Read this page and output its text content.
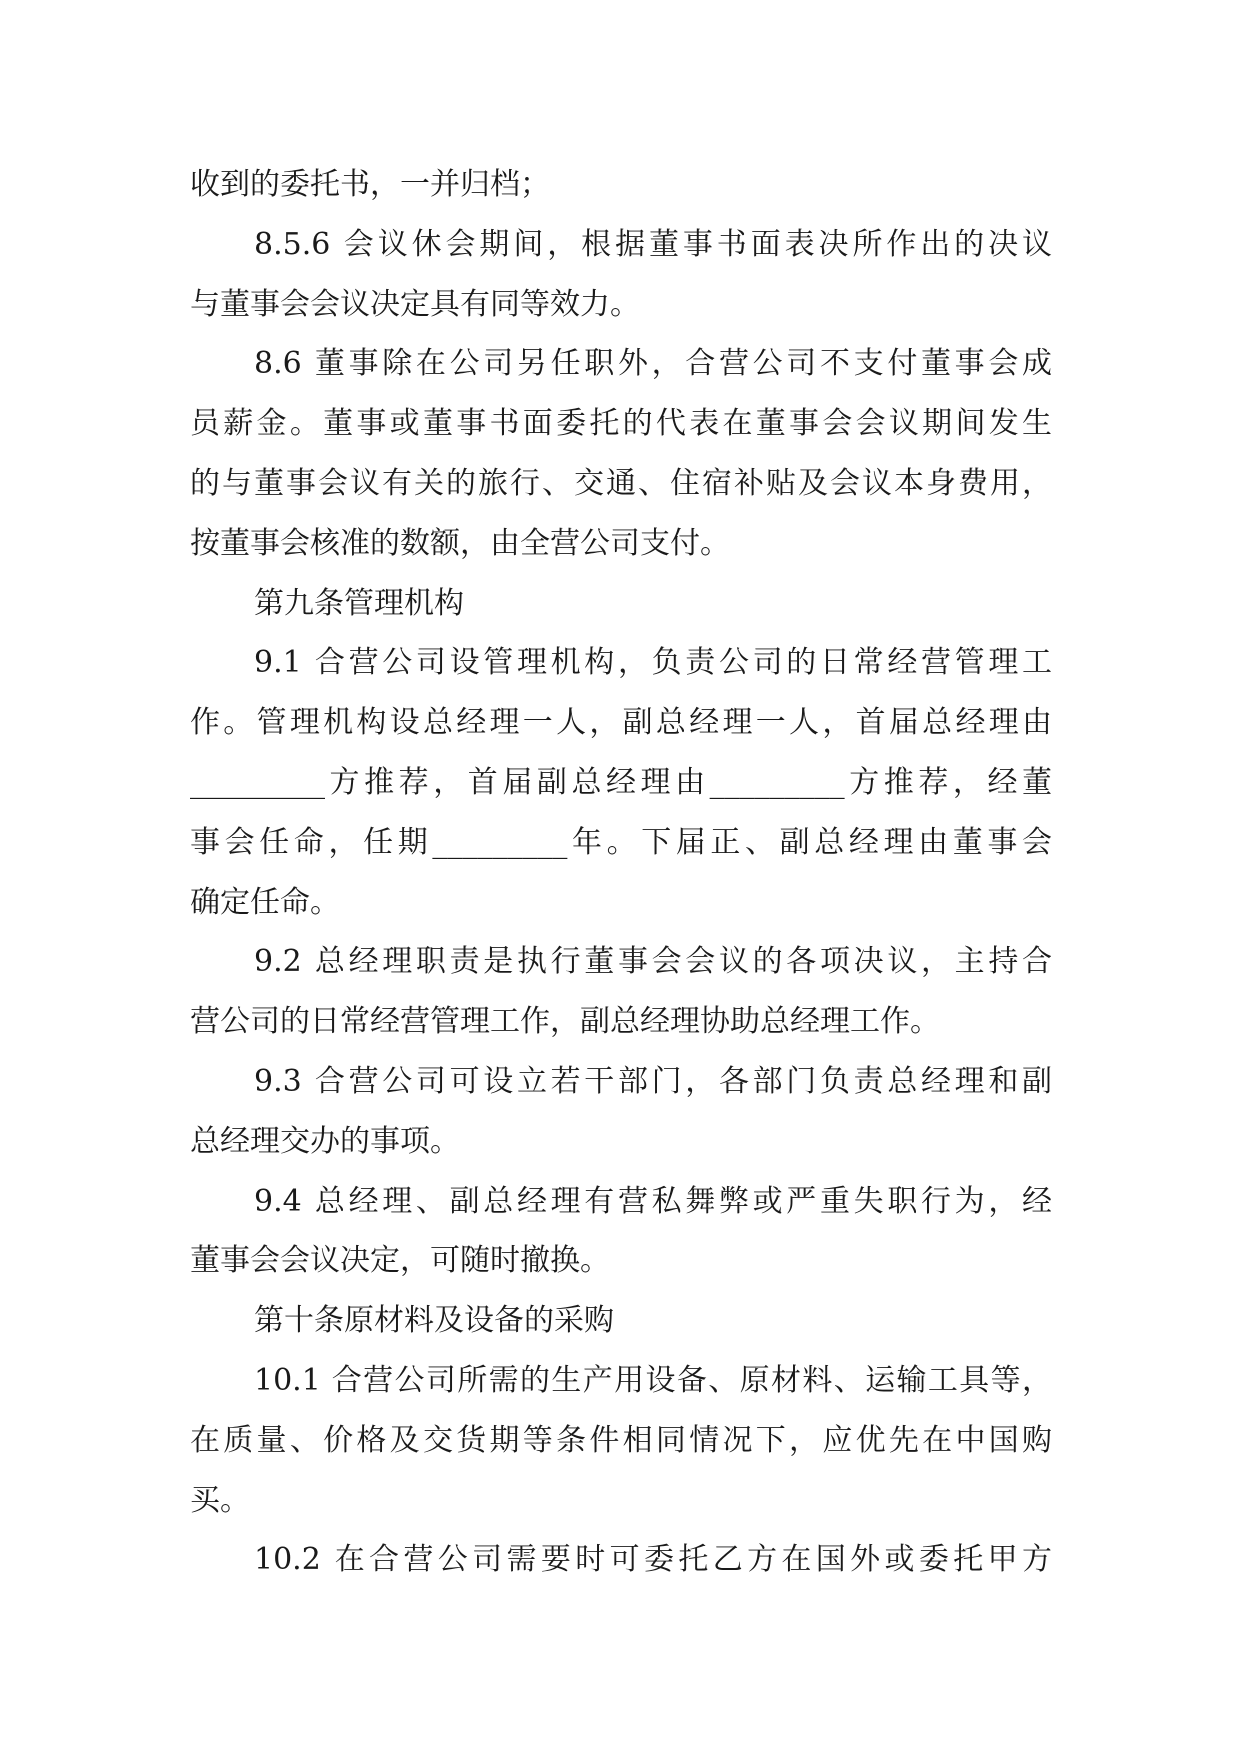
收到的委托书，一并归档；
8.5.6 会议休会期间，根据董事书面表决所作出的决议
与董事会会议决定具有同等效力。
8.6 董事除在公司另任职外，合营公司不支付董事会成
员薪金。董事或董事书面委托的代表在董事会会议期间发生
的与董事会议有关的旅行、交通、住宿补贴及会议本身费用，
按董事会核准的数额，由全营公司支付。
第九条管理机构
9.1 合营公司设管理机构，负责公司的日常经营管理工
作。管理机构设总经理一人，副总经理一人，首届总经理由
_________方推荐，首届副总经理由_________方推荐，经董
事会任命，任期_________年。下届正、副总经理由董事会
确定任命。
9.2 总经理职责是执行董事会会议的各项决议，主持合
营公司的日常经营管理工作，副总经理协助总经理工作。
9.3 合营公司可设立若干部门，各部门负责总经理和副
总经理交办的事项。
9.4 总经理、副总经理有营私舞弊或严重失职行为，经
董事会会议决定，可随时撤换。
第十条原材料及设备的采购
10.1 合营公司所需的生产用设备、原材料、运输工具等，
在质量、价格及交货期等条件相同情况下，应优先在中国购
买。
10.2 在合营公司需要时可委托乙方在国外或委托甲方
